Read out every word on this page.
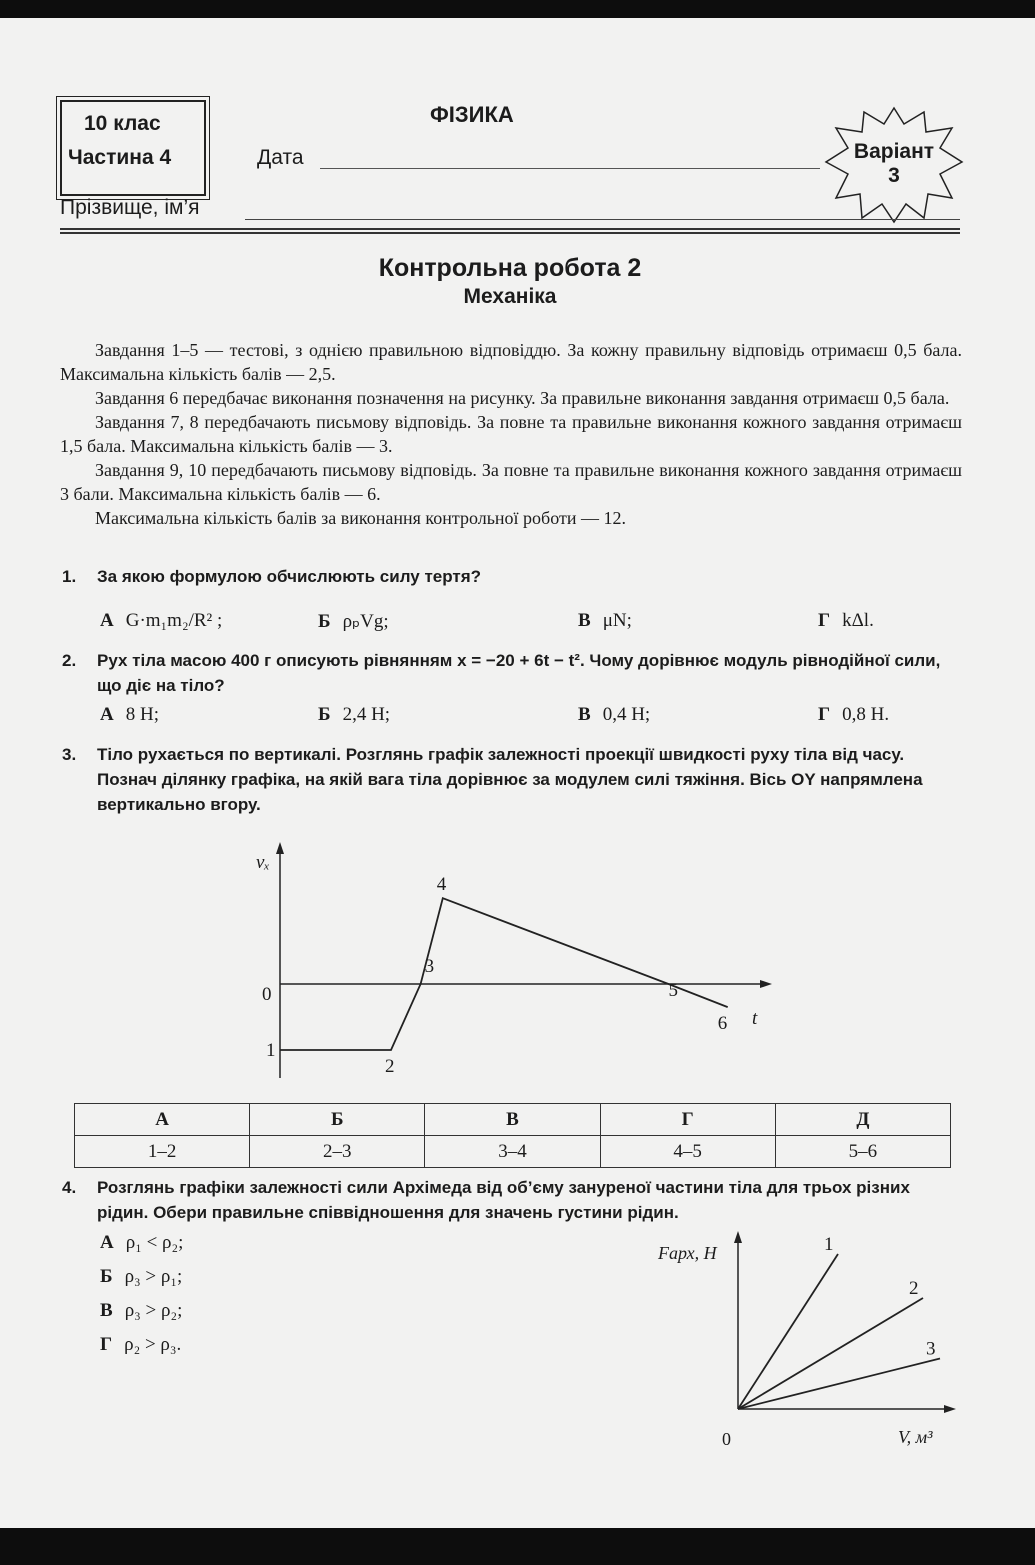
10 клас
Частина 4
ФІЗИКА
Дата	Варіант
3
Прізвище, ім’я
Контрольна робота 2
Механіка

Завдання 1–5 — тестові, з однією правильною відповіддю. За кожну правильну відповідь отримаєш 0,5 бала. Максимальна кількість балів — 2,5.

Завдання 6 передбачає виконання позначення на рисунку. За правильне виконання завдання отримаєш 0,5 бала.

Завдання 7, 8 передбачають письмову відповідь. За повне та правильне виконання кожного завдання отримаєш 1,5 бала. Максимальна кількість балів — 3.

Завдання 9, 10 передбачають письмову відповідь. За повне та правильне виконання кожного завдання отримаєш 3 бали. Максимальна кількість балів — 6.

Максимальна кількість балів за виконання контрольної роботи — 12.

1. За якою формулою обчислюють силу тертя?
А G·m₁m₂/R² ;	Б ρₚVg;	В μN;	Г kΔl.
2. Рух тіла масою 400 г описують рівнянням x = −20 + 6t − t². Чому дорівнює модуль рівнодійної сили, що діє на тіло?
А 8 Н;	Б 2,4 Н;	В 0,4 Н;	Г 0,8 Н.
3. Тіло рухається по вертикалі. Розглянь графік залежності проекції швидкості руху тіла від часу. Познач ділянку графіка, на якій вага тіла дорівнює за модулем силі тяжіння. Вісь OY напрямлена вертикально вгору.
vₓ
t
0
1
2
3
4
5
6
А	Б	В	Г	Д
1–2	2–3	3–4	4–5	5–6
4. Розглянь графіки залежності сили Архімеда від об’єму зануреної частини тіла для трьох різних рідин. Обери правильне співвідношення для значень густини рідин.
А ρ₁ < ρ₂;
Б ρ₃ > ρ₁;
В ρ₃ > ρ₂;
Г ρ₂ > ρ₃.
Fарх, Н
V, м³
0
1
2
3
